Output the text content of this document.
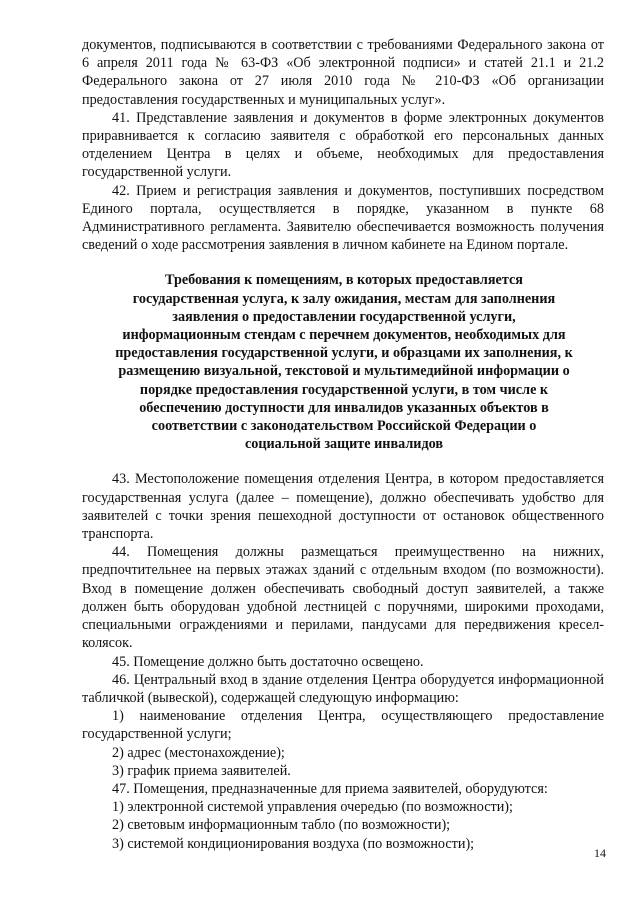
документов, подписываются в соответствии с требованиями Федерального закона от 6 апреля 2011 года № 63-ФЗ «Об электронной подписи» и статей 21.1 и 21.2 Федерального закона от 27 июля 2010 года № 210-ФЗ «Об организации предоставления государственных и муниципальных услуг».

41. Представление заявления и документов в форме электронных документов приравнивается к согласию заявителя с обработкой его персональных данных отделением Центра в целях и объеме, необходимых для предоставления государственной услуги.

42. Прием и регистрация заявления и документов, поступивших посредством Единого портала, осуществляется в порядке, указанном в пункте 68 Административного регламента. Заявителю обеспечивается возможность получения сведений о ходе рассмотрения заявления в личном кабинете на Едином портале.

Требования к помещениям, в которых предоставляется государственная услуга, к залу ожидания, местам для заполнения заявления о предоставлении государственной услуги, информационным стендам с перечнем документов, необходимых для предоставления государственной услуги, и образцами их заполнения, к размещению визуальной, текстовой и мультимедийной информации о порядке предоставления государственной услуги, в том числе к обеспечению доступности для инвалидов указанных объектов в соответствии с законодательством Российской Федерации о социальной защите инвалидов

43. Местоположение помещения отделения Центра, в котором предоставляется государственная услуга (далее – помещение), должно обеспечивать удобство для заявителей с точки зрения пешеходной доступности от остановок общественного транспорта.

44. Помещения должны размещаться преимущественно на нижних, предпочтительнее на первых этажах зданий с отдельным входом (по возможности). Вход в помещение должен обеспечивать свободный доступ заявителей, а также должен быть оборудован удобной лестницей с поручнями, широкими проходами, специальными ограждениями и перилами, пандусами для передвижения кресел-колясок.

45. Помещение должно быть достаточно освещено.

46. Центральный вход в здание отделения Центра оборудуется информационной табличкой (вывеской), содержащей следующую информацию:

1) наименование отделения Центра, осуществляющего предоставление государственной услуги;

2) адрес (местонахождение);

3) график приема заявителей.

47. Помещения, предназначенные для приема заявителей, оборудуются:

1) электронной системой управления очередью (по возможности);

2) световым информационным табло (по возможности);

3) системой кондиционирования воздуха (по возможности);

14
